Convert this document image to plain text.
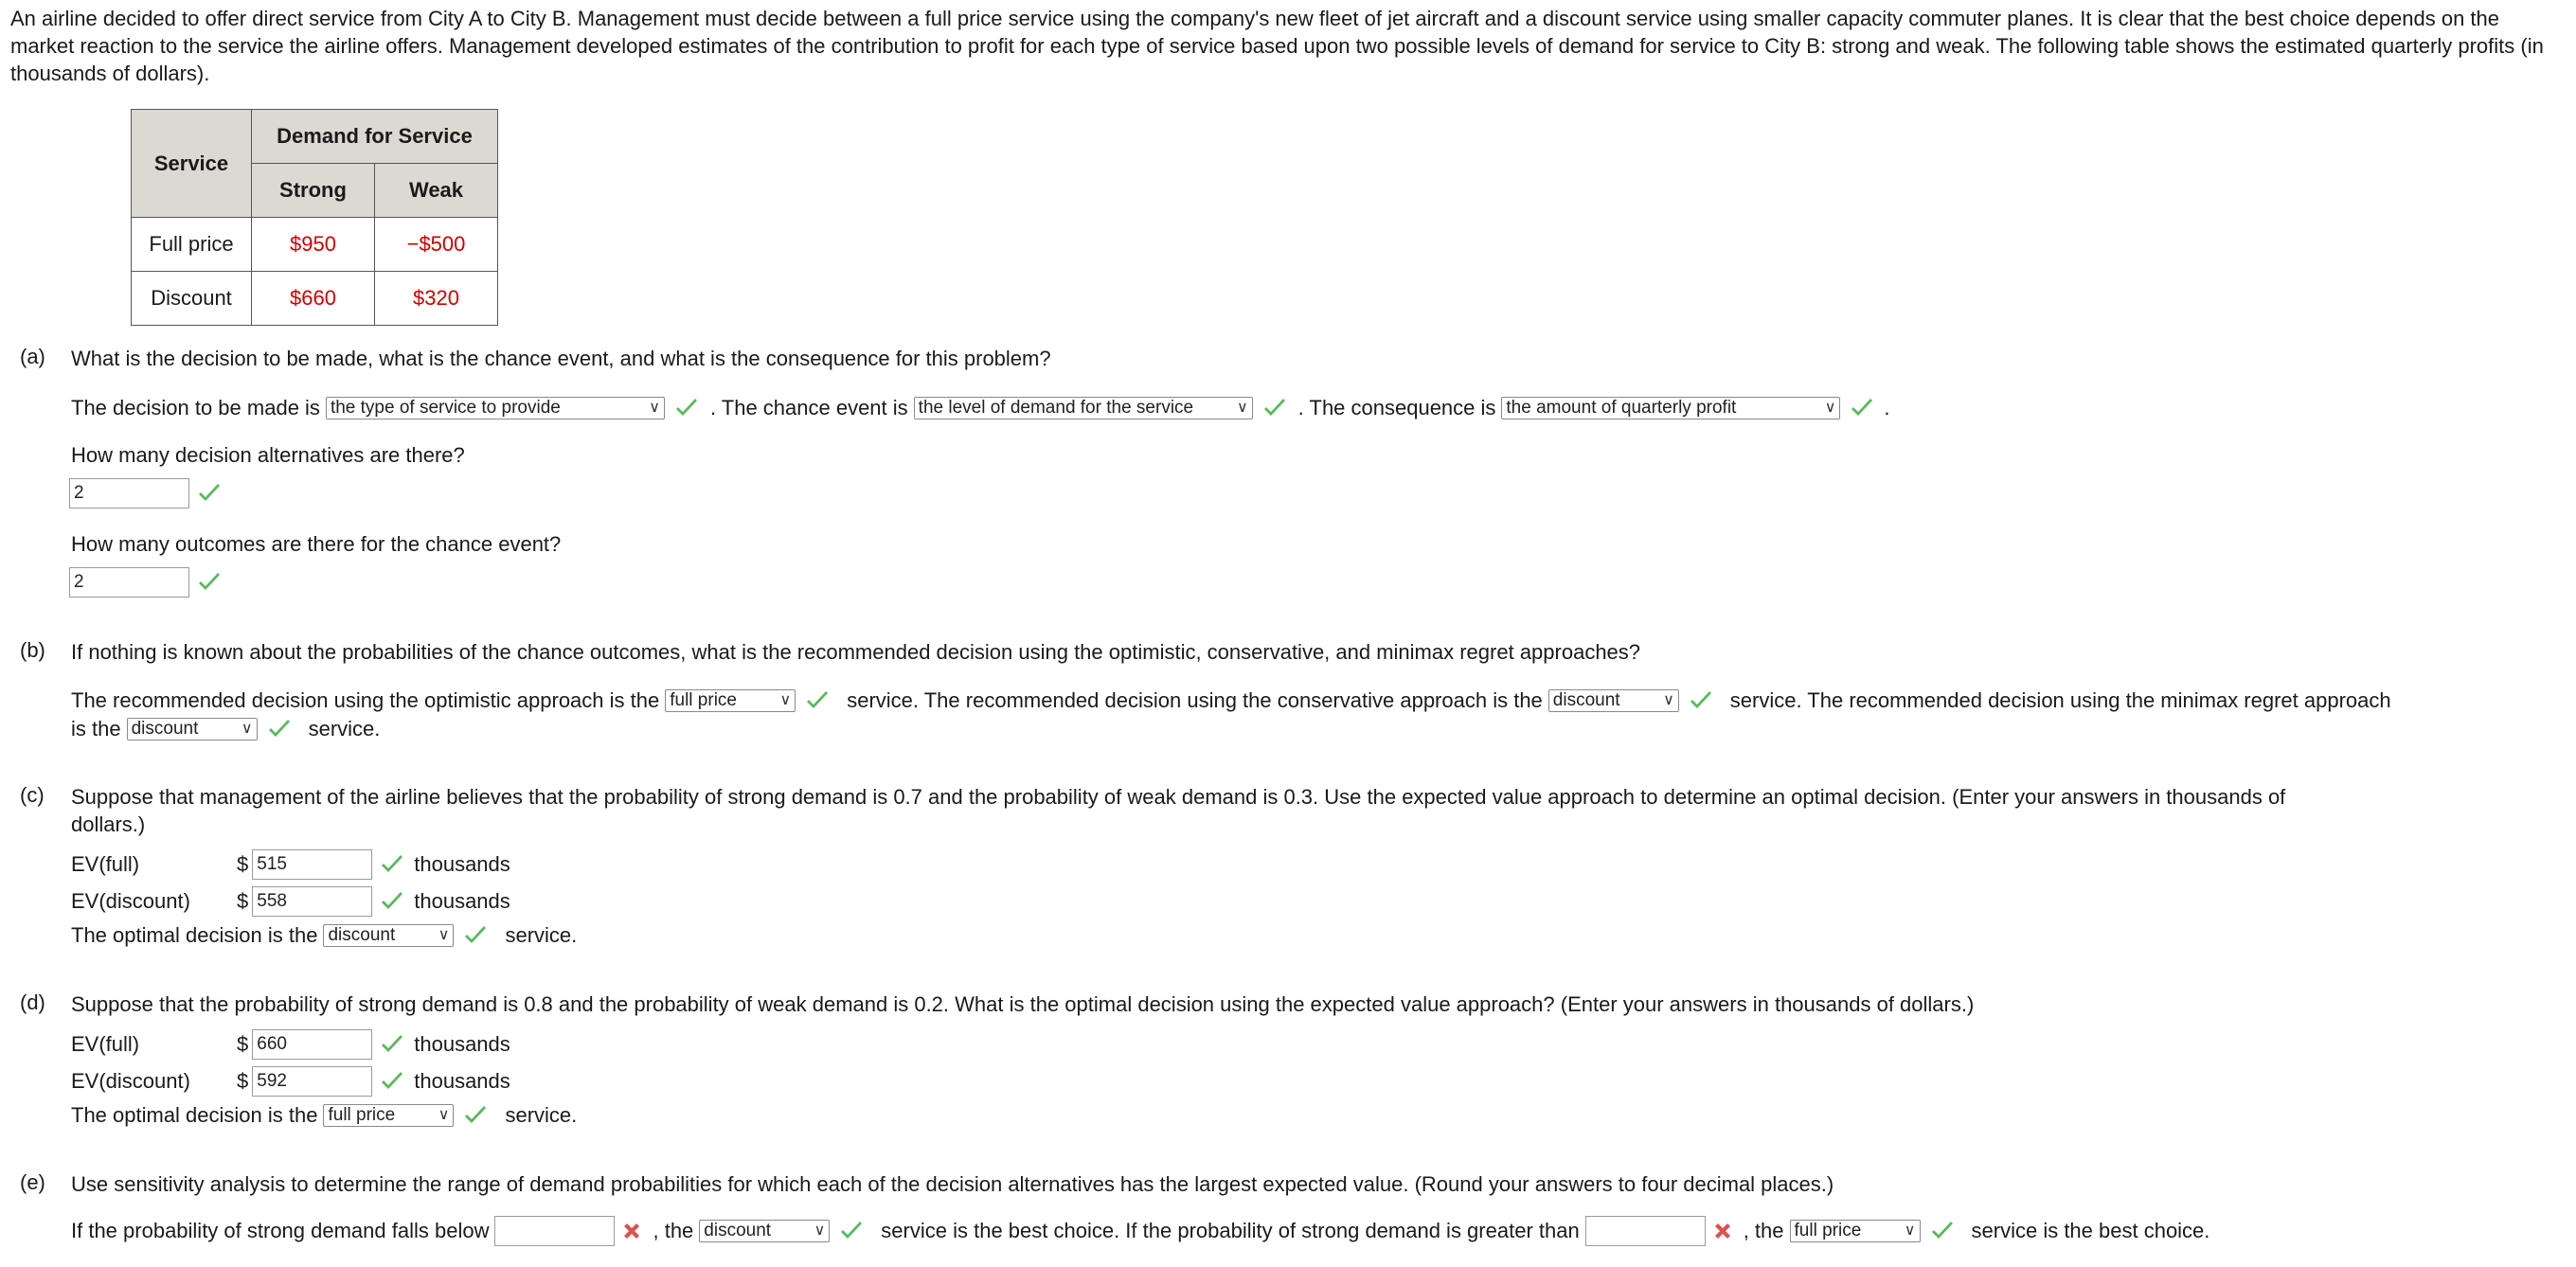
An airline decided to offer direct service from City A to City B. Management must decide between a full price service using the company's new fleet of jet aircraft and a discount service using smaller capacity commuter planes. It is clear that the best choice depends on the market reaction to the service the airline offers. Management developed estimates of the contribution to profit for each type of service based upon two possible levels of demand for service to City B: strong and weak. The following table shows the estimated quarterly profits (in thousands of dollars).
Service	Demand for Service	
	Strong	Weak
Full price	$950	−$500
Discount	$660	$320
(a) What is the decision to be made, what is the chance event, and what is the consequence for this problem?
The decision to be made is the type of service to provide	∨ . The chance event is the level of demand for the service	∨ . The consequence is the amount of quarterly profit	∨ .
How many decision alternatives are there?
2
How many outcomes are there for the chance event?
2
(b) If nothing is known about the probabilities of the chance outcomes, what is the recommended decision using the optimistic, conservative, and minimax regret approaches?
The recommended decision using the optimistic approach is the full price	∨	service. The recommended decision using the conservative approach is the discount	∨	service. The recommended decision using the minimax regret approach
is the discount	∨	service.
(c) Suppose that management of the airline believes that the probability of strong demand is 0.7 and the probability of weak demand is 0.3. Use the expected value approach to determine an optimal decision. (Enter your answers in thousands of
dollars.)
EV(full)	$ 515	thousands
EV(discount)	$ 558	thousands
The optimal decision is the discount	∨	service.
(d) Suppose that the probability of strong demand is 0.8 and the probability of weak demand is 0.2. What is the optimal decision using the expected value approach? (Enter your answers in thousands of dollars.)
EV(full)	$ 660	thousands
EV(discount)	$ 592	thousands
The optimal decision is the full price	∨	service.
(e) Use sensitivity analysis to determine the range of demand probabilities for which each of the decision alternatives has the largest expected value. (Round your answers to four decimal places.)
If the probability of strong demand falls below	, the discount	∨	service is the best choice. If the probability of strong demand is greater than	, the full price	∨	service is the best choice.
